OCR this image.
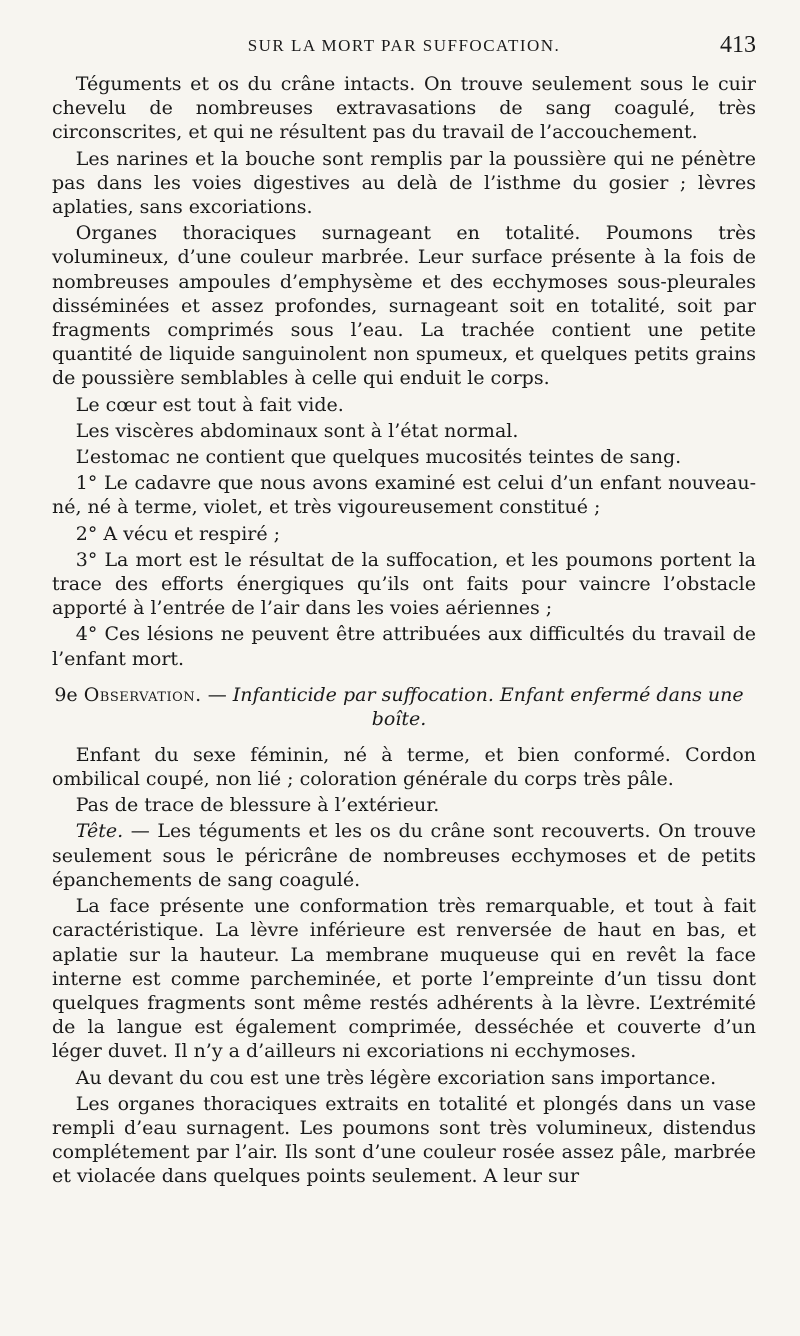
SUR LA MORT PAR SUFFOCATION.	413

Téguments et os du crâne intacts. On trouve seulement sous le cuir chevelu de nombreuses extravasations de sang coagulé, très circonscrites, et qui ne résultent pas du travail de l’accouchement.

Les narines et la bouche sont remplis par la poussière qui ne pénètre pas dans les voies digestives au delà de l’isthme du gosier ; lèvres aplaties, sans excoriations.

Organes thoraciques surnageant en totalité. Poumons très volumineux, d’une couleur marbrée. Leur surface présente à la fois de nombreuses ampoules d’emphysème et des ecchymoses sous-pleurales disséminées et assez profondes, surnageant soit en totalité, soit par fragments comprimés sous l’eau. La trachée contient une petite quantité de liquide sanguinolent non spumeux, et quelques petits grains de poussière semblables à celle qui enduit le corps.

Le cœur est tout à fait vide.

Les viscères abdominaux sont à l’état normal.

L’estomac ne contient que quelques mucosités teintes de sang.

1° Le cadavre que nous avons examiné est celui d’un enfant nouveau-né, né à terme, violet, et très vigoureusement constitué ;

2° A vécu et respiré ;

3° La mort est le résultat de la suffocation, et les poumons portent la trace des efforts énergiques qu’ils ont faits pour vaincre l’obstacle apporté à l’entrée de l’air dans les voies aériennes ;

4° Ces lésions ne peuvent être attribuées aux difficultés du travail de l’enfant mort.

9e Observation. — Infanticide par suffocation. Enfant enfermé dans une boîte.

Enfant du sexe féminin, né à terme, et bien conformé. Cordon ombilical coupé, non lié ; coloration générale du corps très pâle.

Pas de trace de blessure à l’extérieur.

Tête. — Les téguments et les os du crâne sont recouverts. On trouve seulement sous le péricrâne de nombreuses ecchymoses et de petits épanchements de sang coagulé.

La face présente une conformation très remarquable, et tout à fait caractéristique. La lèvre inférieure est renversée de haut en bas, et aplatie sur la hauteur. La membrane muqueuse qui en revêt la face interne est comme parcheminée, et porte l’empreinte d’un tissu dont quelques fragments sont même restés adhérents à la lèvre. L’extrémité de la langue est également comprimée, desséchée et couverte d’un léger duvet. Il n’y a d’ailleurs ni excoriations ni ecchymoses.

Au devant du cou est une très légère excoriation sans importance.

Les organes thoraciques extraits en totalité et plongés dans un vase rempli d’eau surnagent. Les poumons sont très volumineux, distendus complétement par l’air. Ils sont d’une couleur rosée assez pâle, marbrée et violacée dans quelques points seulement. A leur sur
